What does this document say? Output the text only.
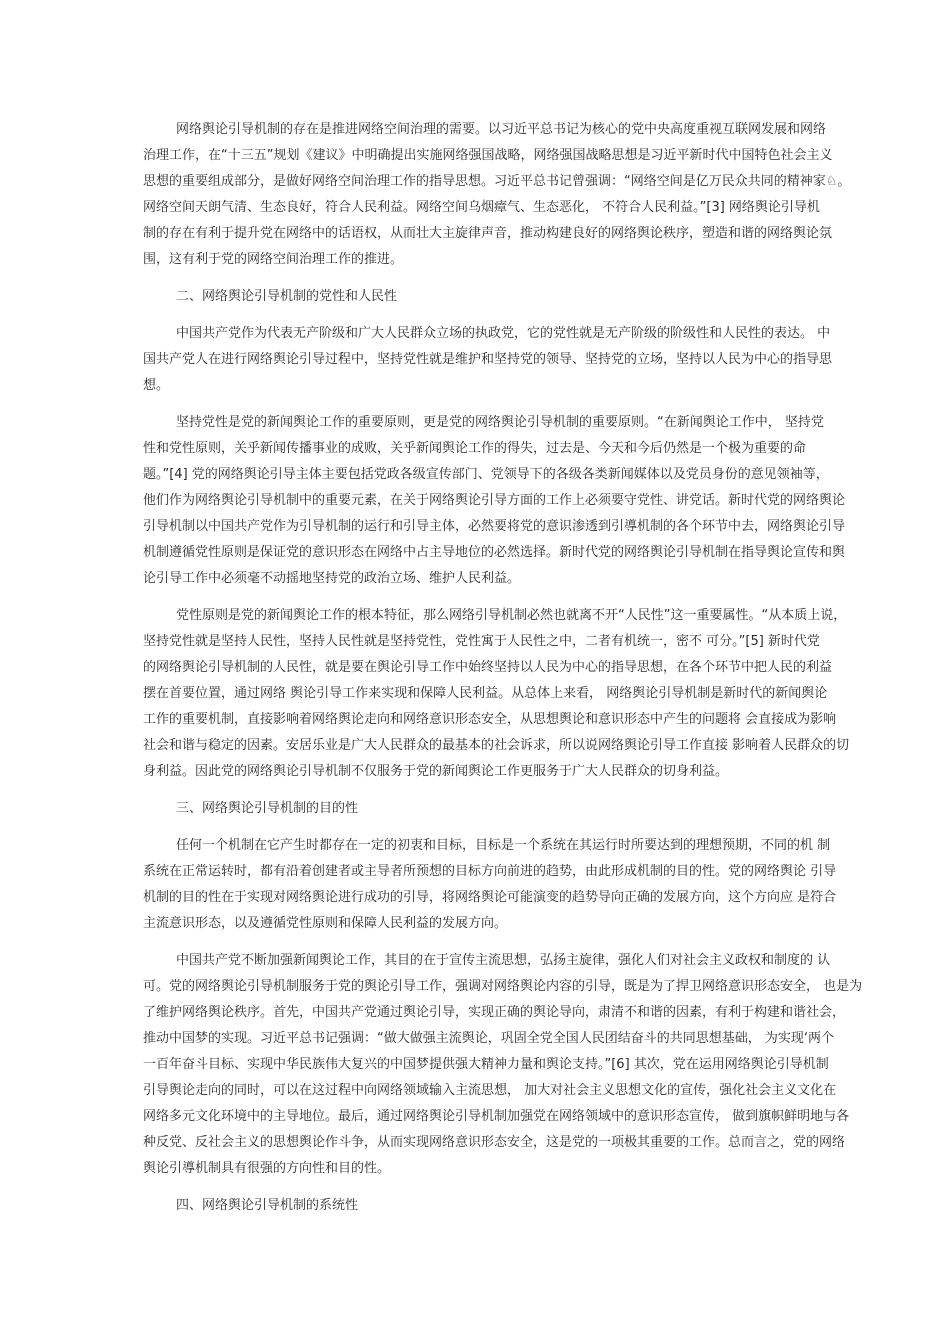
网络舆论引导机制的存在是推进网络空间治理的需要。以习近平总书记为核心的党中央高度重视互联网发展和网络
治理工作，在“十三五”规划《建议》中明确提出实施网络强国战略，网络强国战略思想是习近平新时代中国特色社会主义
思想的重要组成部分，是做好网络空间治理工作的指导思想。习近平总书记曾强调：“网络空间是亿万民众共同的精神家♘。
网络空间天朗气清、生态良好，符合人民利益。网络空间乌烟瘴气、生态恶化， 不符合人民利益。”[3] 网络舆论引导机
制的存在有利于提升党在网络中的话语权，从而壮大主旋律声音，推动构建良好的网络舆论秩序，塑造和谐的网络舆论氛
围，这有利于党的网络空间治理工作的推进。
二、网络舆论引导机制的党性和人民性
中国共产党作为代表无产阶级和广大人民群众立场的执政党，它的党性就是无产阶级的阶级性和人民性的表达。 中
国共产党人在进行网络舆论引导过程中，坚持党性就是维护和坚持党的领导、坚持党的立场，坚持以人民为中心的指导思
想。
坚持党性是党的新闻舆论工作的重要原则，更是党的网络舆论引导机制的重要原则。“在新闻舆论工作中， 坚持党
性和党性原则，关乎新闻传播事业的成败，关乎新闻舆论工作的得失，过去是、今天和今后仍然是一个极为重要的命
题。”[4] 党的网络舆论引导主体主要包括党政各级宣传部门、党领导下的各级各类新闻媒体以及党员身份的意见领袖等，
他们作为网络舆论引导机制中的重要元素，在关于网络舆论引导方面的工作上必须要守党性、讲党话。新时代党的网络舆论
引导机制以中国共产党作为引导机制的运行和引导主体，必然要将党的意识渗透到引導机制的各个环节中去，网络舆论引导
机制遵循党性原则是保证党的意识形态在网络中占主导地位的必然选择。新时代党的网络舆论引导机制在指导舆论宣传和舆
论引导工作中必须毫不动摇地坚持党的政治立场、维护人民利益。
党性原则是党的新闻舆论工作的根本特征，那么网络引导机制必然也就离不开“人民性”这一重要属性。“从本质上说，
坚持党性就是坚持人民性，坚持人民性就是坚持党性，党性寓于人民性之中，二者有机统一，密不 可分。”[5] 新时代党
的网络舆论引导机制的人民性，就是要在舆论引导工作中始终坚持以人民为中心的指导思想，在各个环节中把人民的利益
摆在首要位置，通过网络 舆论引导工作来实现和保障人民利益。从总体上来看， 网络舆论引导机制是新时代的新闻舆论
工作的重要机制，直接影响着网络舆论走向和网络意识形态安全，从思想舆论和意识形态中产生的问题将 会直接成为影响
社会和谐与稳定的因素。安居乐业是广大人民群众的最基本的社会诉求，所以说网络舆论引导工作直接 影响着人民群众的切
身利益。因此党的网络舆论引导机制不仅服务于党的新闻舆论工作更服务于广大人民群众的切身利益。
三、网络舆论引导机制的目的性
任何一个机制在它产生时都存在一定的初衷和目标，目标是一个系统在其运行时所要达到的理想预期，不同的机 制
系统在正常运转时，都有沿着创建者或主导者所预想的目标方向前进的趋势，由此形成机制的目的性。党的网络舆论 引导
机制的目的性在于实现对网络舆论进行成功的引导，将网络舆论可能演变的趋势导向正确的发展方向，这个方向应 是符合
主流意识形态，以及遵循党性原则和保障人民利益的发展方向。
中国共产党不断加强新闻舆论工作，其目的在于宣传主流思想，弘扬主旋律，强化人们对社会主义政权和制度的 认
可。党的网络舆论引导机制服务于党的舆论引导工作，强调对网络舆论内容的引导，既是为了捍卫网络意识形态安全， 也是为
了维护网络舆论秩序。首先，中国共产党通过舆论引导，实现正确的舆论导向，肃清不和谐的因素，有利于构建和谐社会，
推动中国梦的实现。习近平总书记强调：“做大做强主流舆论，巩固全党全国人民团结奋斗的共同思想基础， 为实现‘两个
一百年奋斗目标、实现中华民族伟大复兴的中国梦提供强大精神力量和舆论支持。”[6] 其次，党在运用网络舆论引导机制
引导舆论走向的同时，可以在这过程中向网络领域输入主流思想， 加大对社会主义思想文化的宣传，强化社会主义文化在
网络多元文化环境中的主导地位。最后，通过网络舆论引导机制加强党在网络领域中的意识形态宣传， 做到旗帜鲜明地与各
种反党、反社会主义的思想舆论作斗争，从而实现网络意识形态安全，这是党的一项极其重要的工作。总而言之，党的网络
舆论引導机制具有很强的方向性和目的性。
四、网络舆论引导机制的系统性
